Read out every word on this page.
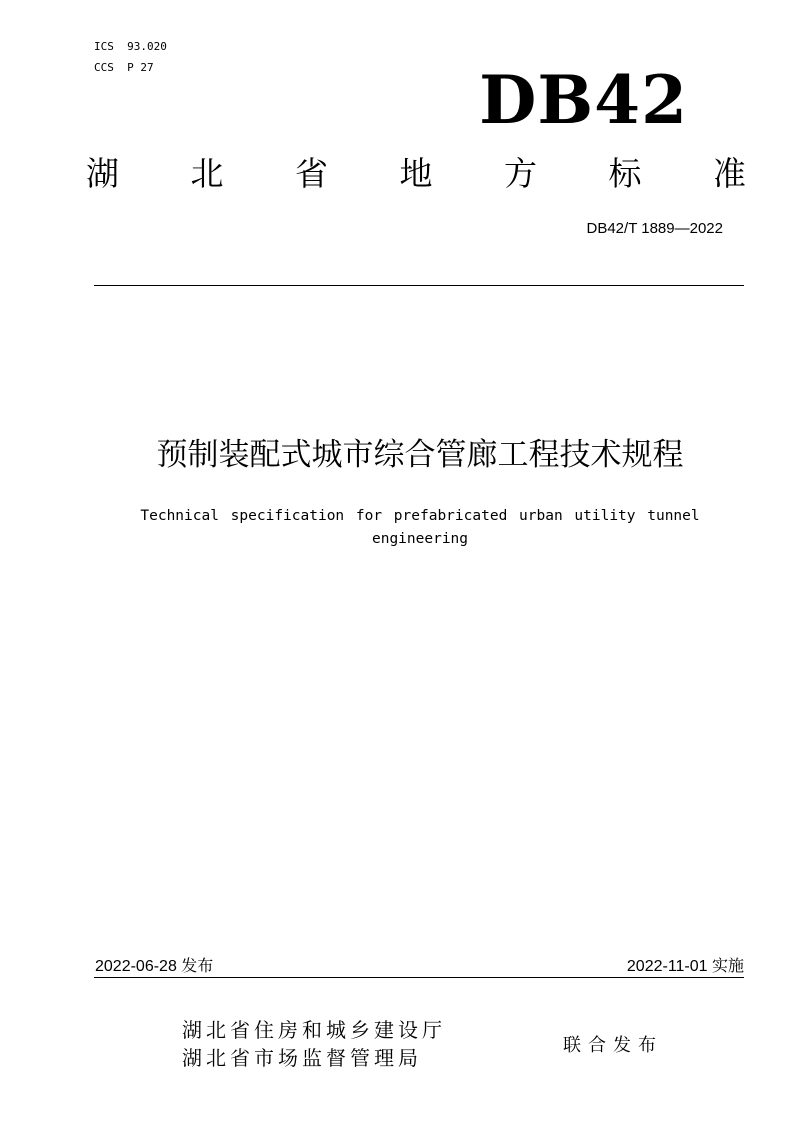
ICS  93.020
CCS  P 27	DB42
湖 北 省 地 方 标 准
DB42/T 1889—2022
预制装配式城市综合管廊工程技术规程
Technical specification for prefabricated urban utility tunnel engineering
2022-06-28 发布	2022-11-01 实施
湖北省住房和城乡建设厅
湖北省市场监督管理局
联合发布
